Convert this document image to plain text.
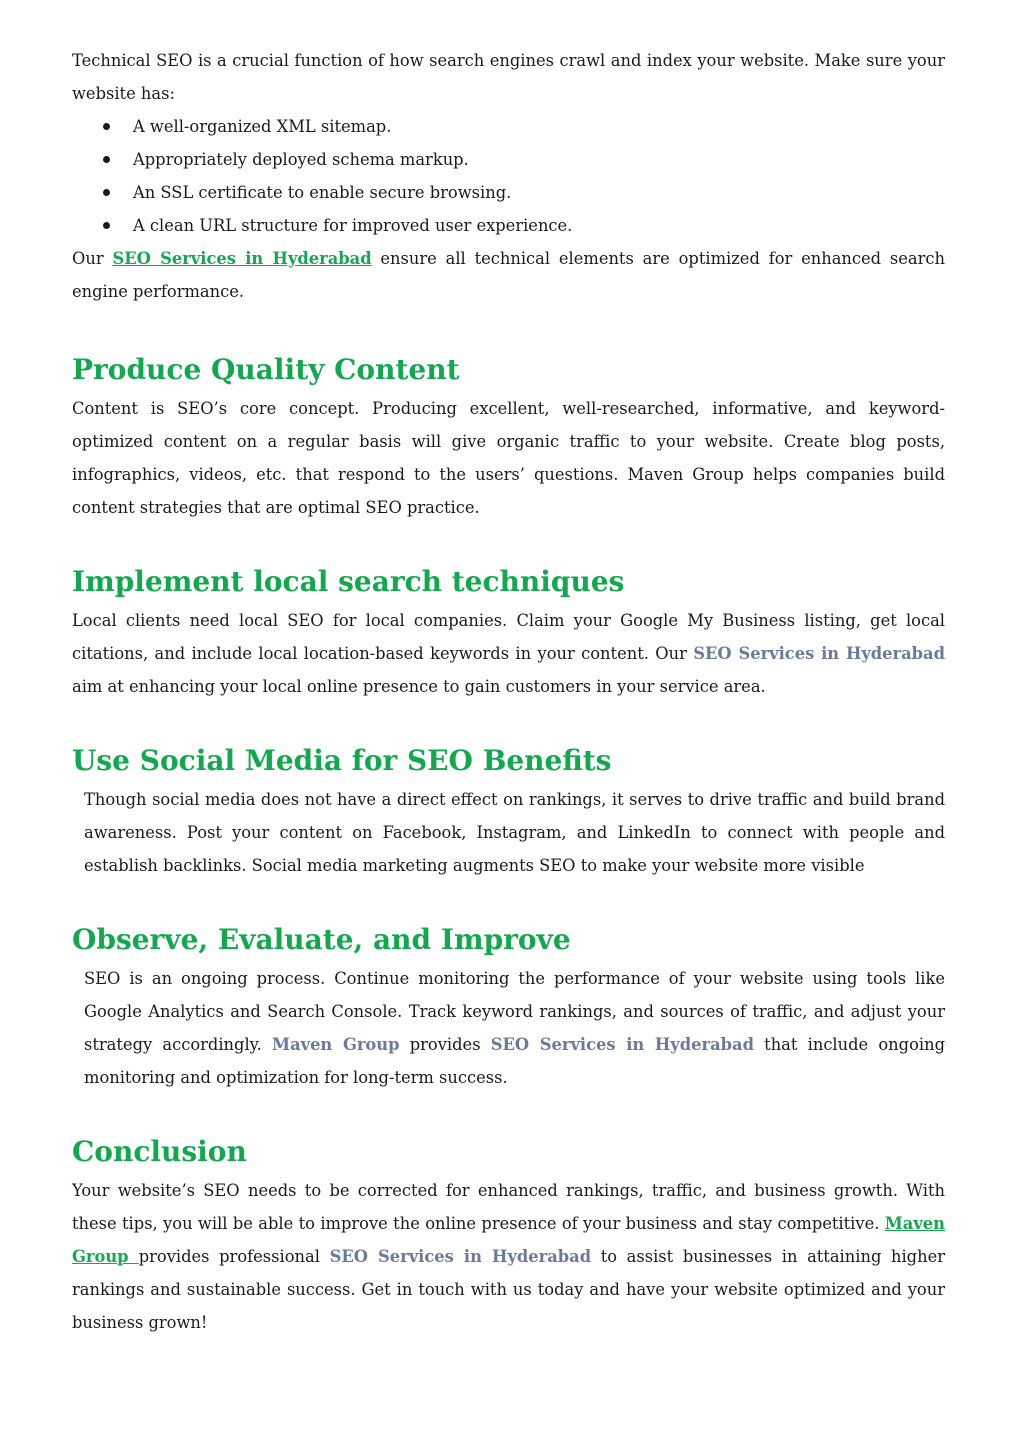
Technical SEO is a crucial function of how search engines crawl and index your website. Make sure your website has:

A well-organized XML sitemap.
Appropriately deployed schema markup.
An SSL certificate to enable secure browsing.
A clean URL structure for improved user experience.

Our SEO Services in Hyderabad ensure all technical elements are optimized for enhanced search engine performance.

Produce Quality Content

Content is SEO’s core concept. Producing excellent, well-researched, informative, and keyword-optimized content on a regular basis will give organic traffic to your website. Create blog posts, infographics, videos, etc. that respond to the users’ questions. Maven Group helps companies build content strategies that are optimal SEO practice.

Implement local search techniques

Local clients need local SEO for local companies. Claim your Google My Business listing, get local citations, and include local location-based keywords in your content. Our SEO Services in Hyderabad aim at enhancing your local online presence to gain customers in your service area.

Use Social Media for SEO Benefits

Though social media does not have a direct effect on rankings, it serves to drive traffic and build brand awareness. Post your content on Facebook, Instagram, and LinkedIn to connect with people and establish backlinks. Social media marketing augments SEO to make your website more visible

Observe, Evaluate, and Improve

SEO is an ongoing process. Continue monitoring the performance of your website using tools like Google Analytics and Search Console. Track keyword rankings, and sources of traffic, and adjust your strategy accordingly. Maven Group provides SEO Services in Hyderabad that include ongoing monitoring and optimization for long-term success.

Conclusion

Your website’s SEO needs to be corrected for enhanced rankings, traffic, and business growth. With these tips, you will be able to improve the online presence of your business and stay competitive. Maven Group provides professional SEO Services in Hyderabad to assist businesses in attaining higher rankings and sustainable success. Get in touch with us today and have your website optimized and your business grown!
